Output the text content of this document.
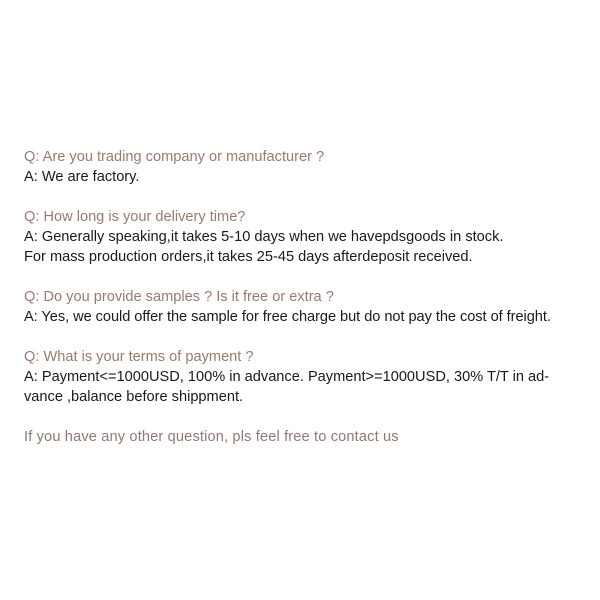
Q: Are you trading company or manufacturer ?
A: We are factory.
Q: How long is your delivery time?
A: Generally speaking,it takes 5-10 days when we havepdsgoods in stock.
For mass production orders,it takes 25-45 days afterdeposit received.
Q: Do you provide samples ? Is it free or extra ?
A: Yes, we could offer the sample for free charge but do not pay the cost of freight.
Q: What is your terms of payment ?
A: Payment<=1000USD, 100% in advance. Payment>=1000USD, 30% T/T in ad-
vance ,balance before shippment.
If you have any other question, pls feel free to contact us
